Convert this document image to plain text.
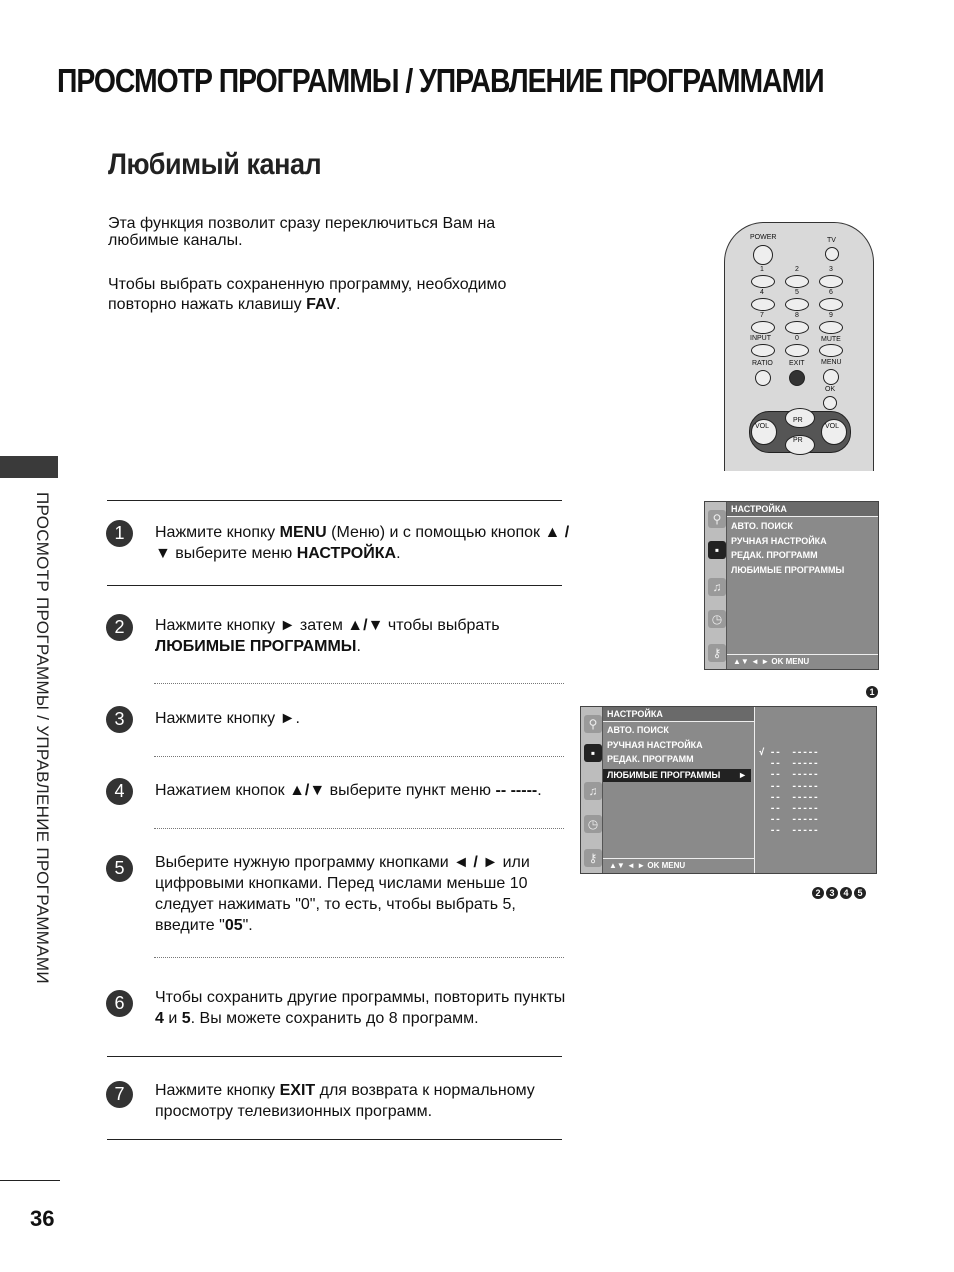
ПРОСМОТР ПРОГРАММЫ / УПРАВЛЕНИЕ ПРОГРАММАМИ
Любимый канал
Эта функция позволит сразу переключиться Вам на любимые каналы.
Чтобы выбрать сохраненную программу, необходимо повторно нажать клавишу FAV.
ПРОСМОТР ПРОГРАММЫ / УПРАВЛЕНИЕ ПРОГРАММАМИ	1	Нажмите кнопку MENU (Меню) и с помощью кнопок ▲ / ▼ выберите меню НАСТРОЙКА.
2	Нажмите кнопку ► затем ▲/▼ чтобы выбрать ЛЮБИМЫЕ ПРОГРАММЫ.
3	Нажмите кнопку ►.
4	Нажатием кнопок ▲/▼ выберите пункт меню -- -----.
5	Выберите нужную программу кнопками ◄ / ► или цифровыми кнопками. Перед числами меньше 10 следует нажимать "0", то есть, чтобы выбрать 5, введите "05".
6	Чтобы сохранить другие программы, повторить пункты 4 и 5. Вы можете сохранить до 8 программ.
7	Нажмите кнопку EXIT для возврата к нормальному просмотру телевизионных программ.
POWER	TV
1	2	3
4	5	6
7	8	9
INPUT	0	MUTE
RATIO EXIT MENU
OK
VOL	VOL
PR
PR
⚲
▪
♫
◷
⚷
НАСТРОЙКА
АВТО. ПОИСК
РУЧНАЯ НАСТРОЙКА
РЕДАК. ПРОГРАММ
ЛЮБИМЫЕ ПРОГРАММЫ
▲▼ ◄ ► OK MENU
1
⚲
▪
♫
◷
⚷
НАСТРОЙКА
АВТО. ПОИСК
РУЧНАЯ НАСТРОЙКА
РЕДАК. ПРОГРАММ
ЛЮБИМЫЕ ПРОГРАММЫ ►
▲▼ ◄ ► OK MENU
√ --  -----
--  -----
--  -----
--  -----
--  -----
--  -----
--  -----
--  -----
2 3 4 5
36
